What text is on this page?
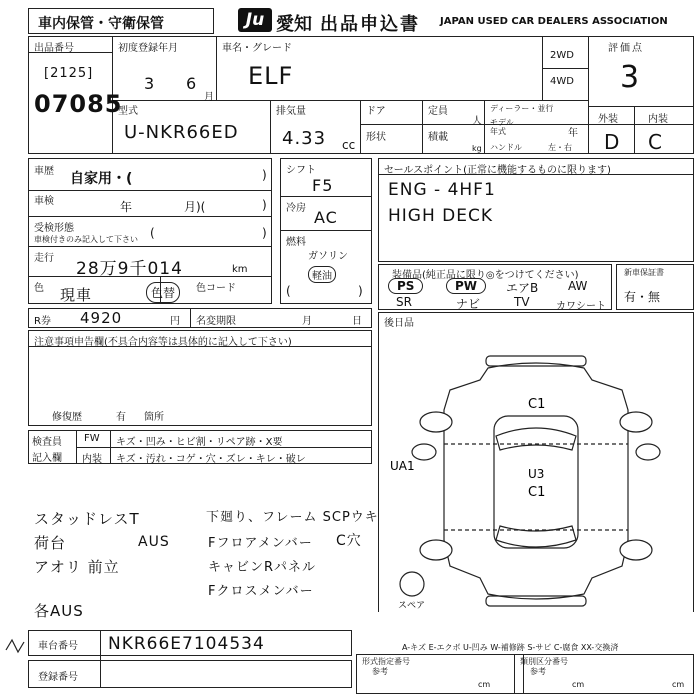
車内保管・守衛保管	Ju 愛知 出品申込書 JAPAN USED CAR DEALERS ASSOCIATION
出品番号
[2125]
07085
初度登録年月
3 6
月
車名・グレード
ELF
2WD
4WD
評価点
3
外装	内装
D C
型式
U-NKR66ED
排気量
4.33 cc
ドア	定員
人
形状	積載
kg
ディーラー・並行
モデル年式	年
ハンドル	左・右
車歴 自家用・(	)
車検	年	月)(	)
受検形態
車検付きのみ記入して下さい (	)
走行
28万9千014	km
色 現車	色替	色コード
シフト
F5
冷房 AC
燃料
ガソリン
軽油
(	)
セールスポイント(正常に機能するものに限ります)
ENG - 4HF1
HIGH DECK
装備品(純正品に限り◎をつけてください)
PS	PW	エアB AW
SR	ナビ	TV	カワシート
新車保証書
有・無
R券 4920	円 名変期限	月	日
注意事項申告欄(不具合内容等は具体的に記入して下さい)
修復歴	有 箇所
後日品
検査員
記入欄
FW キズ・凹み・ヒビ割・リペア跡・X要
内装 キズ・汚れ・コゲ・穴・ズレ・キレ・破レ
スタッドレスT
荷台
アオリ 前立
AUS
各AUS
下廻り、フレーム SCPウキ
Fフロアメンバー
キャビンRパネル
Fクロスメンバー
C穴
C1
U3
C1
UA1
スペア
A-キズ E-エクボ U-凹み W-補修跡 S-サビ C-腐食 XX-交換済
車台番号 NKR66E7104534
登録番号
形式指定番号
参考
類別区分番号
参考
cm	cm	cm
